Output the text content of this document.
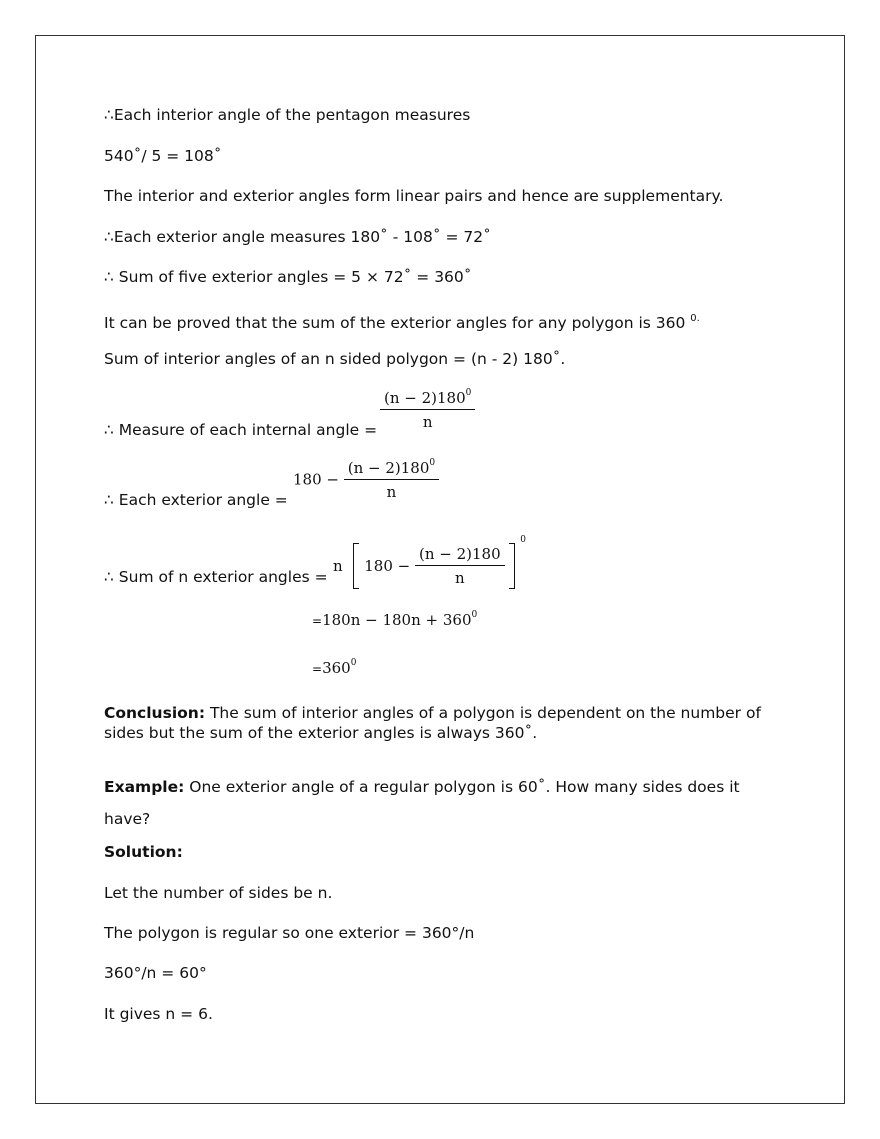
∴Each interior angle of the pentagon measures
540˚/ 5 = 108˚
The interior and exterior angles form linear pairs and hence are supplementary.
∴Each exterior angle measures 180˚ - 108˚ = 72˚
∴ Sum of five exterior angles = 5 × 72˚ = 360˚
It can be proved that the sum of the exterior angles for any polygon is 360 $^{0.}$
Sum of interior angles of an n sided polygon = (n - 2) 180˚.
∴ Measure of each internal angle = $\frac{(n - 2)180^0}{n}$
∴ Each exterior angle =
$180 - \frac{(n - 2)180^0}{n}$
∴ Sum of n exterior angles =
n $180 - \frac{(n - 2)180}{n}$
$^0$
$=180n - 180n + 360^0$
$=360^0$
Conclusion: The sum of interior angles of a polygon is dependent on the number of sides but the sum of the exterior angles is always 360˚.
Example: One exterior angle of a regular polygon is 60˚. How many sides does it have?
Solution:
Let the number of sides be n.
The polygon is regular so one exterior = 360°/n
360°/n = 60°
It gives n = 6.
